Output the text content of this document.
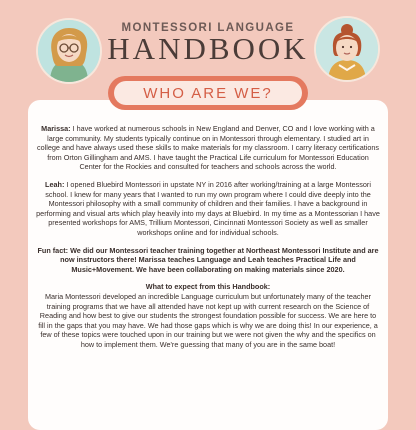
MONTESSORI LANGUAGE
HANDBOOK
WHO ARE WE?

Marissa: I have worked at numerous schools in New England and Denver, CO and I love working with a large community. My students typically continue on in Montessori through elementary. I studied art in college and have always used these skills to make materials for my classroom. I carry literacy certifications from Orton Gillingham and AMS. I have taught the Practical Life curriculum for Montessori Education Center for the Rockies and consulted for teachers and schools across the world.

Leah: I opened Bluebird Montessori in upstate NY in 2016 after working/training at a large Montessori school. I knew for many years that I wanted to run my own program where I could dive deeply into the Montessori philosophy with a small community of children and their families. I have a background in performing and visual arts which play heavily into my days at Bluebird. In my time as a Montessorian I have presented workshops for AMS, Trillium Montessori, Cincinnati Montessori Society as well as smaller workshops online and for individual schools.

Fun fact: We did our Montessori teacher training together at Northeast Montessori Institute and are now instructors there! Marissa teaches Language and Leah teaches Practical Life and Music+Movement. We have been collaborating on making materials since 2020.

What to expect from this Handbook:
Maria Montessori developed an incredible Language curriculum but unfortunately many of the teacher training programs that we have all attended have not kept up with current research on the Science of Reading and how best to give our students the strongest foundation possible for success. We are here to fill in the gaps that you may have. We had those gaps which is why we are doing this! In our experience, a few of these topics were touched upon in our training but we were not given the why and the specifics on how to implement them. We're guessing that many of you are in the same boat!
